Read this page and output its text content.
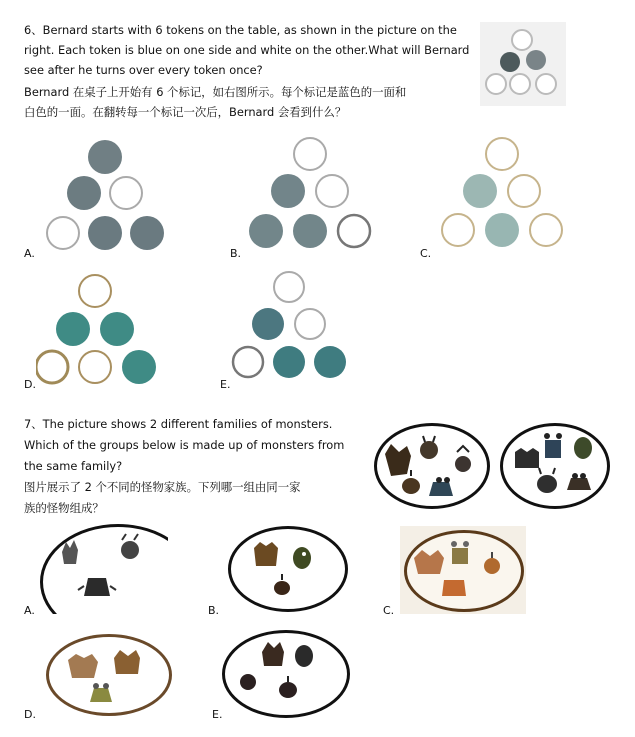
6、Bernard starts with 6 tokens on the table, as shown in the picture on the
right. Each token is blue on one side and white on the other.What will Bernard
see after he turns over every token once?
Bernard 在桌子上开始有 6 个标记，如右图所示。每个标记是蓝色的一面和
白色的一面。在翻转每一个标记一次后，Bernard 会看到什么？
A.	B.	C.
D.	E.
7、The picture shows 2 different families of monsters.
Which of the groups below is made up of monsters from
the same family?
图片展示了 2 个不同的怪物家族。下列哪一组由同一家
族的怪物组成？
A.	B.	C.
D.	E.
